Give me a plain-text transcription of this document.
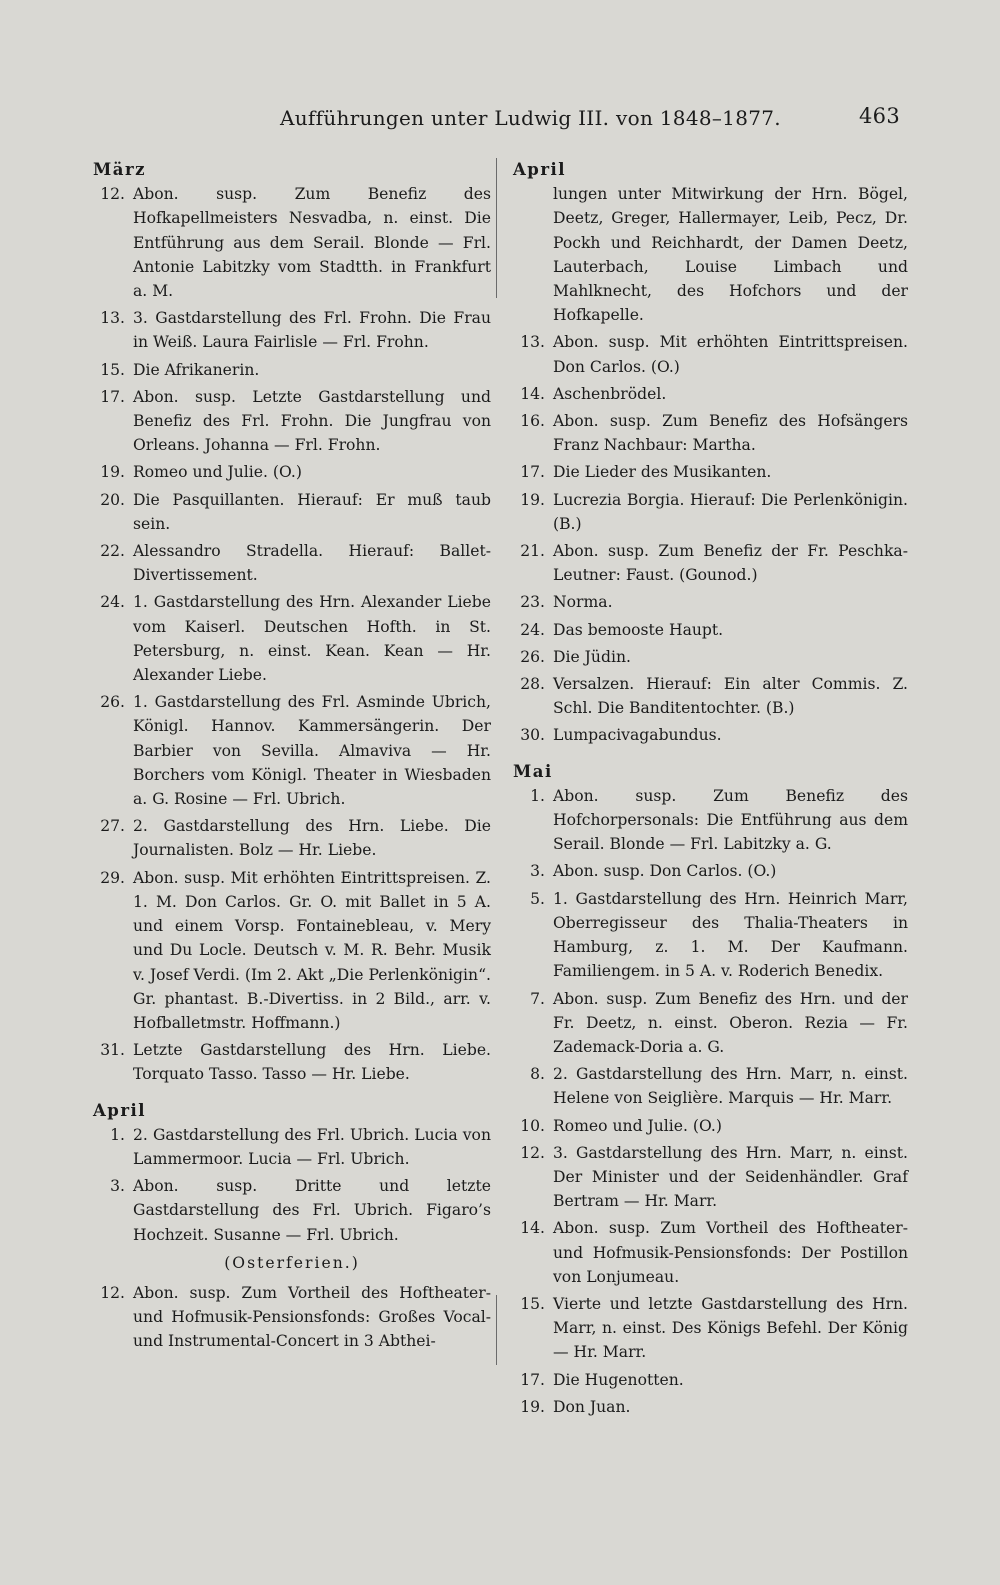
Aufführungen unter Ludwig III. von 1848–1877.	463

März

12. Abon. susp. Zum Benefiz des Hofkapellmeisters Nesvadba, n. einst. Die Entführung aus dem Serail. Blonde — Frl. Antonie Labitzky vom Stadtth. in Frankfurt a. M.
13. 3. Gastdarstellung des Frl. Frohn. Die Frau in Weiß. Laura Fairlisle — Frl. Frohn.
15. Die Afrikanerin.
17. Abon. susp. Letzte Gastdarstellung und Benefiz des Frl. Frohn. Die Jungfrau von Orleans. Johanna — Frl. Frohn.
19. Romeo und Julie. (O.)
20. Die Pasquillanten. Hierauf: Er muß taub sein.
22. Alessandro Stradella. Hierauf: Ballet-Divertissement.
24. 1. Gastdarstellung des Hrn. Alexander Liebe vom Kaiserl. Deutschen Hofth. in St. Petersburg, n. einst. Kean. Kean — Hr. Alexander Liebe.
26. 1. Gastdarstellung des Frl. Asminde Ubrich, Königl. Hannov. Kammersängerin. Der Barbier von Sevilla. Almaviva — Hr. Borchers vom Königl. Theater in Wiesbaden a. G. Rosine — Frl. Ubrich.
27. 2. Gastdarstellung des Hrn. Liebe. Die Journalisten. Bolz — Hr. Liebe.
29. Abon. susp. Mit erhöhten Eintrittspreisen. Z. 1. M. Don Carlos. Gr. O. mit Ballet in 5 A. und einem Vorsp. Fontainebleau, v. Mery und Du Locle. Deutsch v. M. R. Behr. Musik v. Josef Verdi. (Im 2. Akt „Die Perlenkönigin“. Gr. phantast. B.-Divertiss. in 2 Bild., arr. v. Hofballetmstr. Hoffmann.)
31. Letzte Gastdarstellung des Hrn. Liebe. Torquato Tasso. Tasso — Hr. Liebe.

April

1. 2. Gastdarstellung des Frl. Ubrich. Lucia von Lammermoor. Lucia — Frl. Ubrich.
3. Abon. susp. Dritte und letzte Gastdarstellung des Frl. Ubrich. Figaro’s Hochzeit. Susanne — Frl. Ubrich.
(Osterferien.)
12. Abon. susp. Zum Vortheil des Hoftheater- und Hofmusik-Pensionsfonds: Großes Vocal- und Instrumental-Concert in 3 Abthei-

April

lungen unter Mitwirkung der Hrn. Bögel, Deetz, Greger, Hallermayer, Leib, Pecz, Dr. Pockh und Reichhardt, der Damen Deetz, Lauterbach, Louise Limbach und Mahlknecht, des Hofchors und der Hofkapelle.
13. Abon. susp. Mit erhöhten Eintrittspreisen. Don Carlos. (O.)
14. Aschenbrödel.
16. Abon. susp. Zum Benefiz des Hofsängers Franz Nachbaur: Martha.
17. Die Lieder des Musikanten.
19. Lucrezia Borgia. Hierauf: Die Perlenkönigin. (B.)
21. Abon. susp. Zum Benefiz der Fr. Peschka-Leutner: Faust. (Gounod.)
23. Norma.
24. Das bemooste Haupt.
26. Die Jüdin.
28. Versalzen. Hierauf: Ein alter Commis. Z. Schl. Die Banditentochter. (B.)
30. Lumpacivagabundus.

Mai

1. Abon. susp. Zum Benefiz des Hofchorpersonals: Die Entführung aus dem Serail. Blonde — Frl. Labitzky a. G.
3. Abon. susp. Don Carlos. (O.)
5. 1. Gastdarstellung des Hrn. Heinrich Marr, Oberregisseur des Thalia-Theaters in Hamburg, z. 1. M. Der Kaufmann. Familiengem. in 5 A. v. Roderich Benedix.
7. Abon. susp. Zum Benefiz des Hrn. und der Fr. Deetz, n. einst. Oberon. Rezia — Fr. Zademack-Doria a. G.
8. 2. Gastdarstellung des Hrn. Marr, n. einst. Helene von Seiglière. Marquis — Hr. Marr.
10. Romeo und Julie. (O.)
12. 3. Gastdarstellung des Hrn. Marr, n. einst. Der Minister und der Seidenhändler. Graf Bertram — Hr. Marr.
14. Abon. susp. Zum Vortheil des Hoftheater- und Hofmusik-Pensionsfonds: Der Postillon von Lonjumeau.
15. Vierte und letzte Gastdarstellung des Hrn. Marr, n. einst. Des Königs Befehl. Der König — Hr. Marr.
17. Die Hugenotten.
19. Don Juan.
